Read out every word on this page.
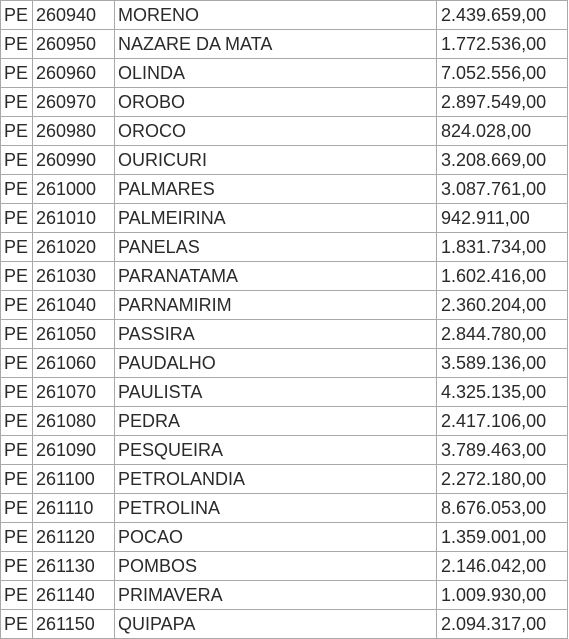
PE 260940	MORENO	2.439.659,00
PE 260950	NAZARE DA MATA	1.772.536,00
PE 260960	OLINDA	7.052.556,00
PE 260970	OROBO	2.897.549,00
PE 260980	OROCO	824.028,00
PE 260990	OURICURI	3.208.669,00
PE 261000	PALMARES	3.087.761,00
PE 261010	PALMEIRINA	942.911,00
PE 261020	PANELAS	1.831.734,00
PE 261030	PARANATAMA	1.602.416,00
PE 261040	PARNAMIRIM	2.360.204,00
PE 261050	PASSIRA	2.844.780,00
PE 261060	PAUDALHO	3.589.136,00
PE 261070	PAULISTA	4.325.135,00
PE 261080	PEDRA	2.417.106,00
PE 261090	PESQUEIRA	3.789.463,00
PE 261100	PETROLANDIA	2.272.180,00
PE 261110	PETROLINA	8.676.053,00
PE 261120	POCAO	1.359.001,00
PE 261130	POMBOS	2.146.042,00
PE 261140	PRIMAVERA	1.009.930,00
PE 261150	QUIPAPA	2.094.317,00
